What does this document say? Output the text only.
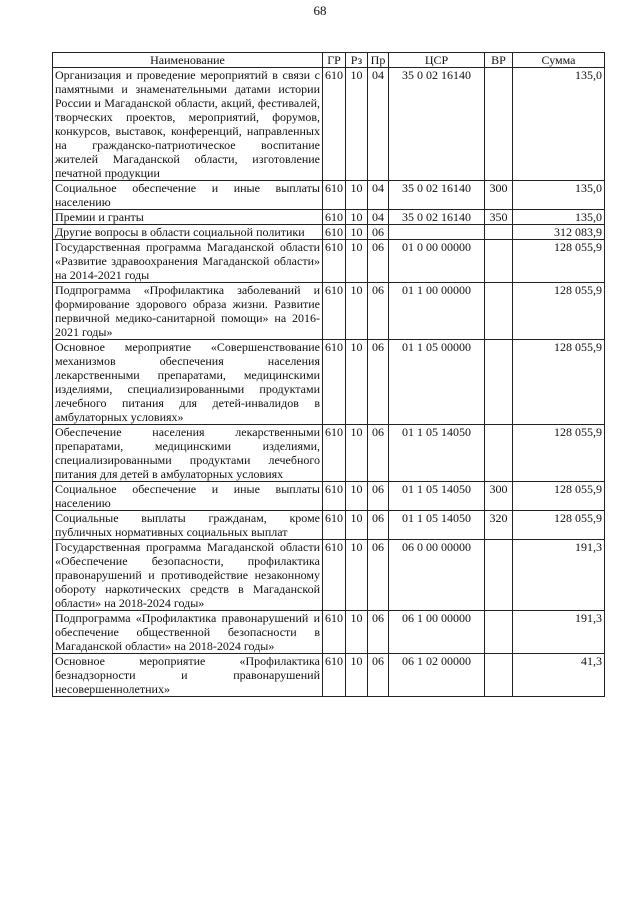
68
Наименование	ГР	Рз	Пр	ЦСР	ВР	Сумма
Организация и проведение мероприятий в связи с памятными и знаменательными датами истории России и Магаданской области, акций, фестивалей, творческих проектов, мероприятий, форумов, конкурсов, выставок, конференций, направленных на гражданско-патриотическое воспитание жителей Магаданской области, изготовление печатной продукции	610	10	04	35 0 02 16140		135,0
Социальное обеспечение и иные выплаты населению	610	10	04	35 0 02 16140	300	135,0
Премии и гранты	610	10	04	35 0 02 16140	350	135,0
Другие вопросы в области социальной политики	610	10	06			312 083,9
Государственная программа Магаданской области «Развитие здравоохранения Магаданской области» на 2014-2021 годы	610	10	06	01 0 00 00000		128 055,9
Подпрограмма «Профилактика заболеваний и формирование здорового образа жизни. Развитие первичной медико-санитарной помощи» на 2016-2021 годы»	610	10	06	01 1 00 00000		128 055,9
Основное мероприятие «Совершенствование механизмов обеспечения населения лекарственными препаратами, медицинскими изделиями, специализированными продуктами лечебного питания для детей-инвалидов в амбулаторных условиях»	610	10	06	01 1 05 00000		128 055,9
Обеспечение населения лекарственными препаратами, медицинскими изделиями, специализированными продуктами лечебного питания для детей в амбулаторных условиях	610	10	06	01 1 05 14050		128 055,9
Социальное обеспечение и иные выплаты населению	610	10	06	01 1 05 14050	300	128 055,9
Социальные выплаты гражданам, кроме публичных нормативных социальных выплат	610	10	06	01 1 05 14050	320	128 055,9
Государственная программа Магаданской области «Обеспечение безопасности, профилактика правонарушений и противодействие незаконному обороту наркотических средств в Магаданской области» на 2018-2024 годы»	610	10	06	06 0 00 00000		191,3
Подпрограмма «Профилактика правонарушений и обеспечение общественной безопасности в Магаданской области» на 2018-2024 годы»	610	10	06	06 1 00 00000		191,3
Основное мероприятие «Профилактика безнадзорности и правонарушений несовершеннолетних»	610	10	06	06 1 02 00000		41,3
